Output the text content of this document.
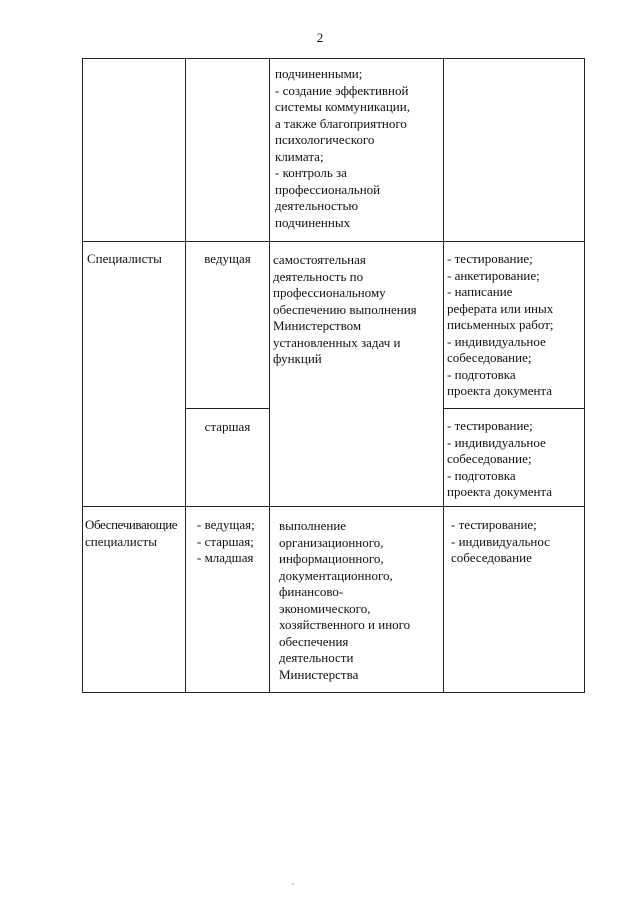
2
подчиненными;
- создание эффективной
системы коммуникации,
а также благоприятного
психологического
климата;
- контроль за
профессиональной
деятельностью
подчиненных
Специалисты	ведущая
старшая
самостоятельная
деятельность по
профессиональному
обеспечению выполнения
Министерством
установленных задач и
функций
- тестирование;
- анкетирование;
- написание
реферата или иных
письменных работ;
- индивидуальное
собеседование;
- подготовка
проекта документа
- тестирование;
- индивидуальное
собеседование;
- подготовка
проекта документа
Обеспечивающие
специалисты
- ведущая;
- старшая;
- младшая
выполнение
организационного,
информационного,
документационного,
финансово-
экономического,
хозяйственного и иного
обеспечения
деятельности
Министерства
- тестирование;
- индивидуальнос
собеседование
